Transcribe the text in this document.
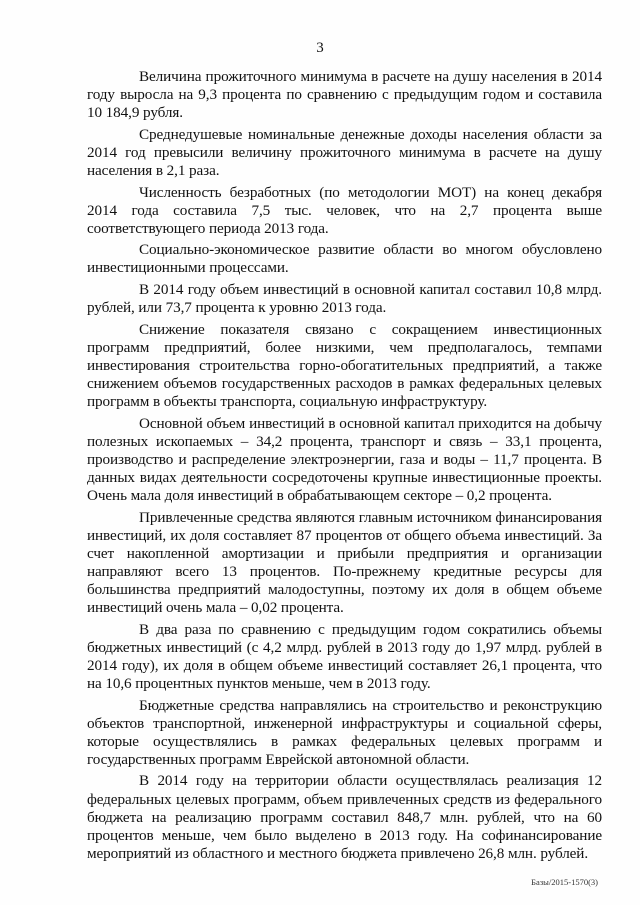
3

Величина прожиточного минимума в расчете на душу населения в 2014 году выросла на 9,3 процента по сравнению с предыдущим годом и составила 10 184,9 рубля.

Среднедушевые номинальные денежные доходы населения области за 2014 год превысили величину прожиточного минимума в расчете на душу населения в 2,1 раза.

Численность безработных (по методологии МОТ) на конец декабря 2014 года составила 7,5 тыс. человек, что на 2,7 процента выше соответствующего периода 2013 года.

Социально-экономическое развитие области во многом обусловлено инвестиционными процессами.

В 2014 году объем инвестиций в основной капитал составил 10,8 млрд. рублей, или 73,7 процента к уровню 2013 года.

Снижение показателя связано с сокращением инвестиционных программ предприятий, более низкими, чем предполагалось, темпами инвестирования строительства горно-обогатительных предприятий, а также снижением объемов государственных расходов в рамках федеральных целевых программ в объекты транспорта, социальную инфраструктуру.

Основной объем инвестиций в основной капитал приходится на добычу полезных ископаемых – 34,2 процента, транспорт и связь – 33,1 процента, производство и распределение электроэнергии, газа и воды – 11,7 процента. В данных видах деятельности сосредоточены крупные инвестиционные проекты. Очень мала доля инвестиций в обрабатывающем секторе – 0,2 процента.

Привлеченные средства являются главным источником финансирования инвестиций, их доля составляет 87 процентов от общего объема инвестиций. За счет накопленной амортизации и прибыли предприятия и организации направляют всего 13 процентов. По-прежнему кредитные ресурсы для большинства предприятий малодоступны, поэтому их доля в общем объеме инвестиций очень мала – 0,02 процента.

В два раза по сравнению с предыдущим годом сократились объемы бюджетных инвестиций (с 4,2 млрд. рублей в 2013 году до 1,97 млрд. рублей в 2014 году), их доля в общем объеме инвестиций составляет 26,1 процента, что на 10,6 процентных пунктов меньше, чем в 2013 году.

Бюджетные средства направлялись на строительство и реконструкцию объектов транспортной, инженерной инфраструктуры и социальной сферы, которые осуществлялись в рамках федеральных целевых программ и государственных программ Еврейской автономной области.

В 2014 году на территории области осуществлялась реализация 12 федеральных целевых программ, объем привлеченных средств из федерального бюджета на реализацию программ составил 848,7 млн. рублей, что на 60 процентов меньше, чем было выделено в 2013 году. На софинансирование мероприятий из областного и местного бюджета привлечено 26,8 млн. рублей.

Базы/2015-1570(3)
